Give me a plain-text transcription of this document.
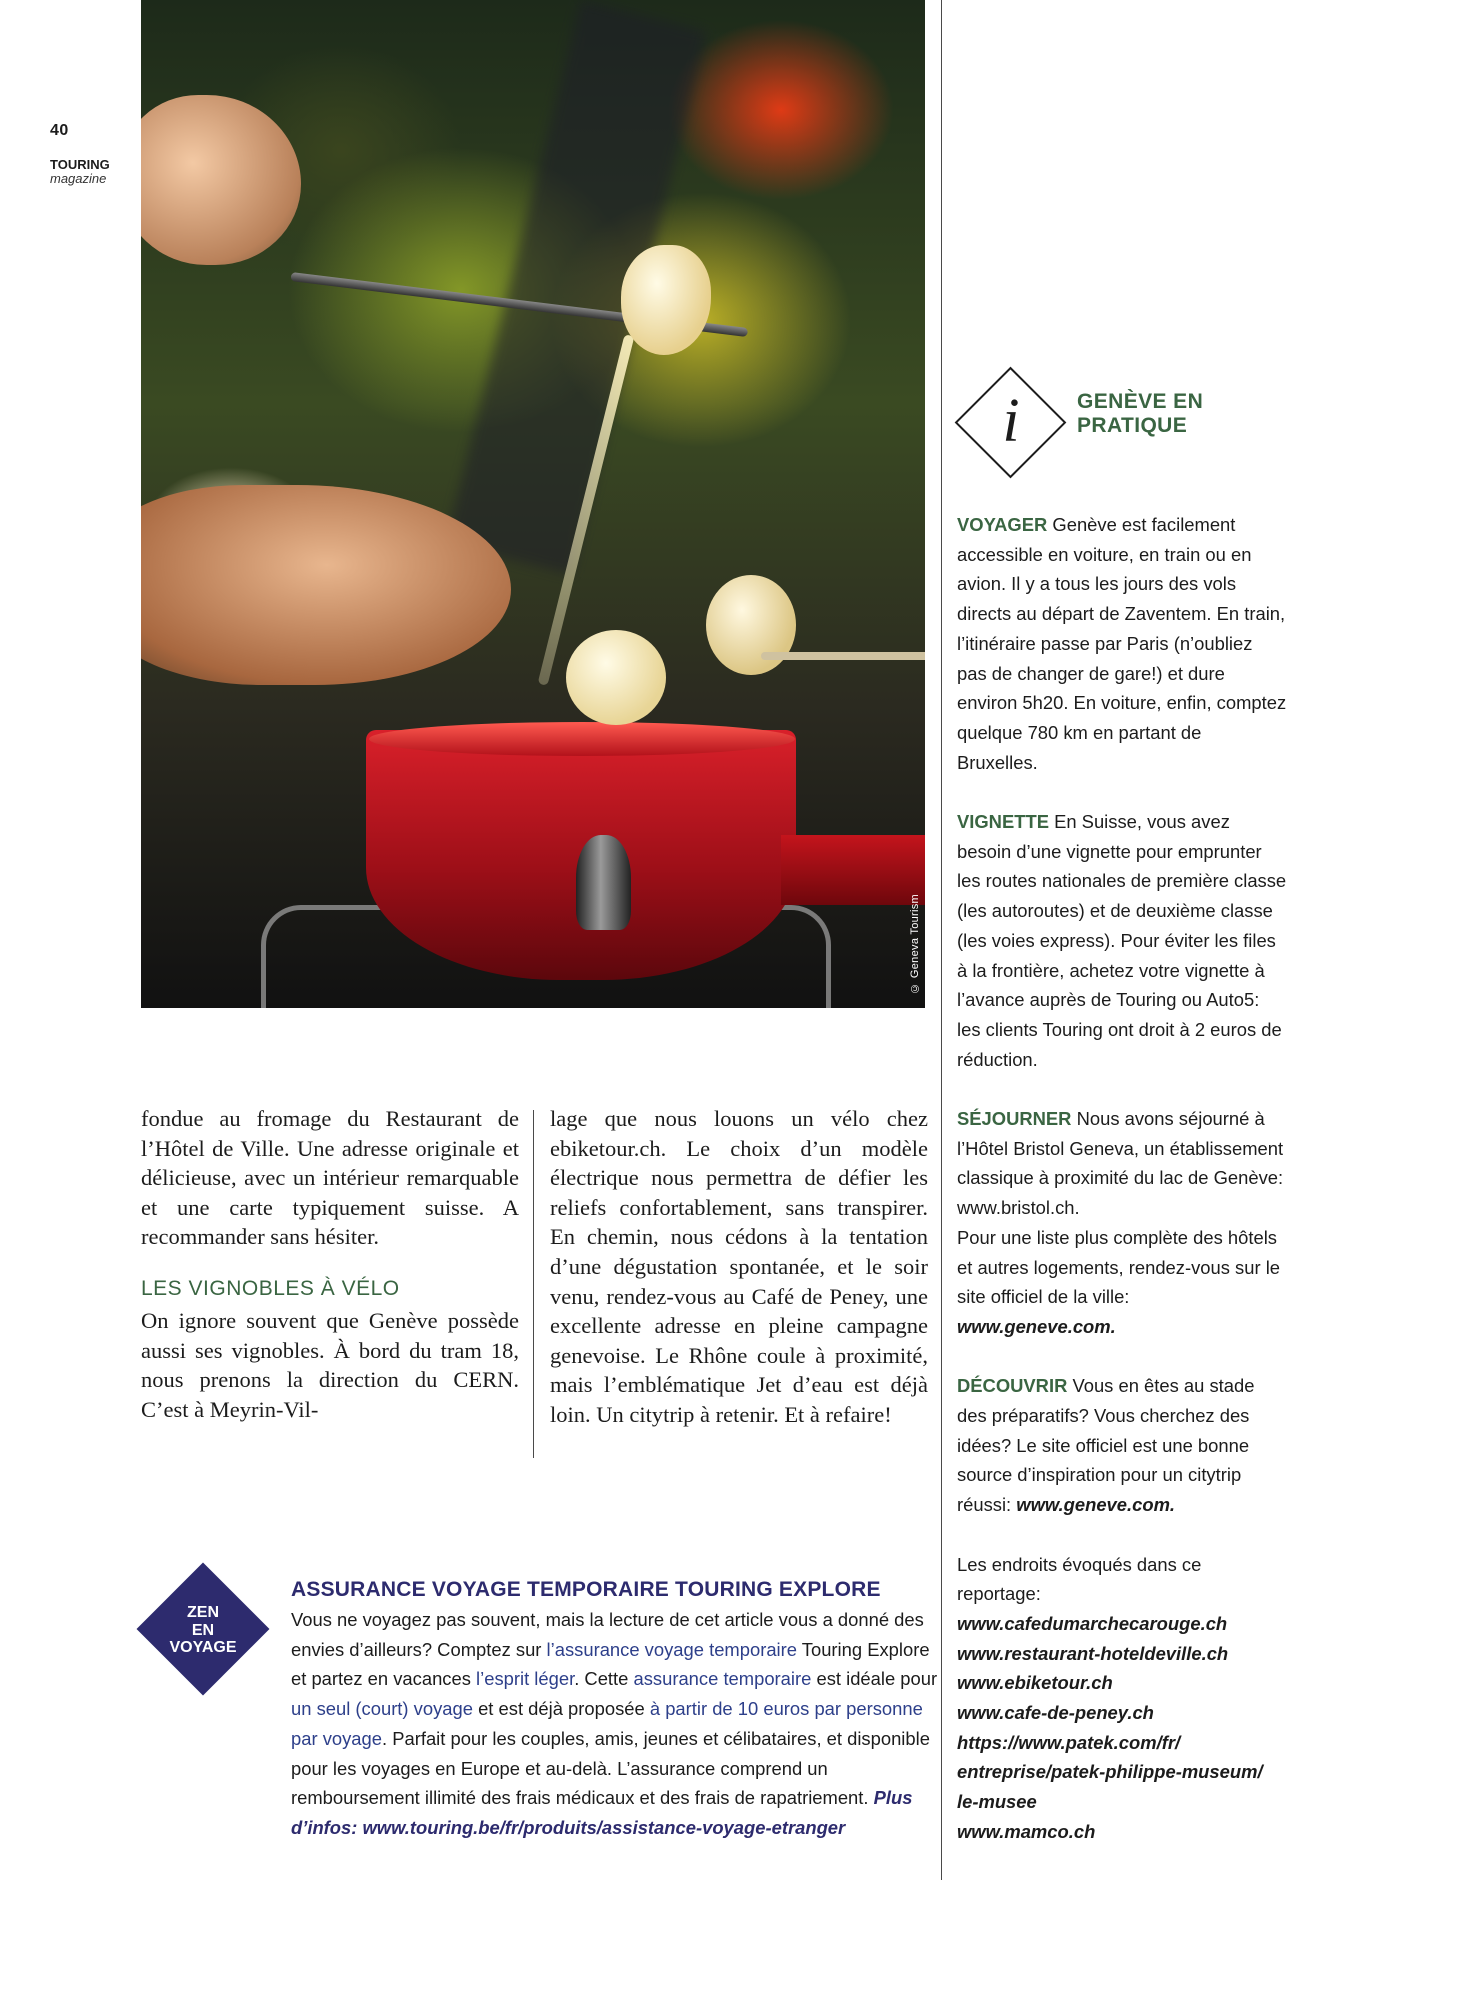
40
TOURING
magazine
© Geneva Tourism

fondue au fromage du Restaurant de l’Hôtel de Ville. Une adresse originale et délicieuse, avec un intérieur remarquable et une carte typiquement suisse. A recommander sans hésiter.

LES VIGNOBLES À VÉLO

On ignore souvent que Genève possède aussi ses vignobles. À bord du tram 18, nous prenons la direction du CERN. C’est à Meyrin-Vil-

lage que nous louons un vélo chez ebiketour.ch. Le choix d’un modèle électrique nous permettra de défier les reliefs confortablement, sans transpirer. En chemin, nous cédons à la tentation d’une dégustation spontanée, et le soir venu, rendez-vous au Café de Peney, une excellente adresse en pleine campagne genevoise. Le Rhône coule à proximité, mais l’emblématique Jet d’eau est déjà loin. Un citytrip à retenir. Et à refaire!

i	GENÈVE EN PRATIQUE

VOYAGER Genève est facilement accessible en voiture, en train ou en avion. Il y a tous les jours des vols directs au départ de Zaventem. En train, l’itinéraire passe par Paris (n’oubliez pas de changer de gare!) et dure environ 5h20. En voiture, enfin, comptez quelque 780 km en partant de Bruxelles.

VIGNETTE En Suisse, vous avez besoin d’une vignette pour emprunter les routes nationales de première classe (les autoroutes) et de deuxième classe (les voies express). Pour éviter les files à la frontière, achetez votre vignette à l’avance auprès de Touring ou Auto5: les clients Touring ont droit à 2 euros de réduction.

SÉJOURNER Nous avons séjourné à l’Hôtel Bristol Geneva, un établissement classique à proximité du lac de Genève: www.bristol.ch.
Pour une liste plus complète des hôtels et autres logements, rendez-vous sur le site officiel de la ville: www.geneve.com.

DÉCOUVRIR Vous en êtes au stade des préparatifs? Vous cherchez des idées? Le site officiel est une bonne source d’inspiration pour un citytrip réussi: www.geneve.com.

Les endroits évoqués dans ce reportage:
www.cafedumarchecarouge.ch
www.restaurant-hoteldeville.ch
www.ebiketour.ch
www.cafe-de-peney.ch
https://www.patek.com/fr/
entreprise/patek-philippe-museum/
le-musee
www.mamco.ch
ZEN
EN
VOYAGE
ASSURANCE VOYAGE TEMPORAIRE TOURING EXPLORE
Vous ne voyagez pas souvent, mais la lecture de cet article vous a donné des envies d’ailleurs? Comptez sur l’assurance voyage temporaire Touring Explore et partez en vacances l’esprit léger. Cette assurance temporaire est idéale pour un seul (court) voyage et est déjà proposée à partir de 10 euros par personne par voyage. Parfait pour les couples, amis, jeunes et célibataires, et disponible pour les voyages en Europe et au-delà. L’assurance comprend un remboursement illimité des frais médicaux et des frais de rapatriement. Plus d’infos: www.touring.be/fr/produits/assistance-voyage-etranger
